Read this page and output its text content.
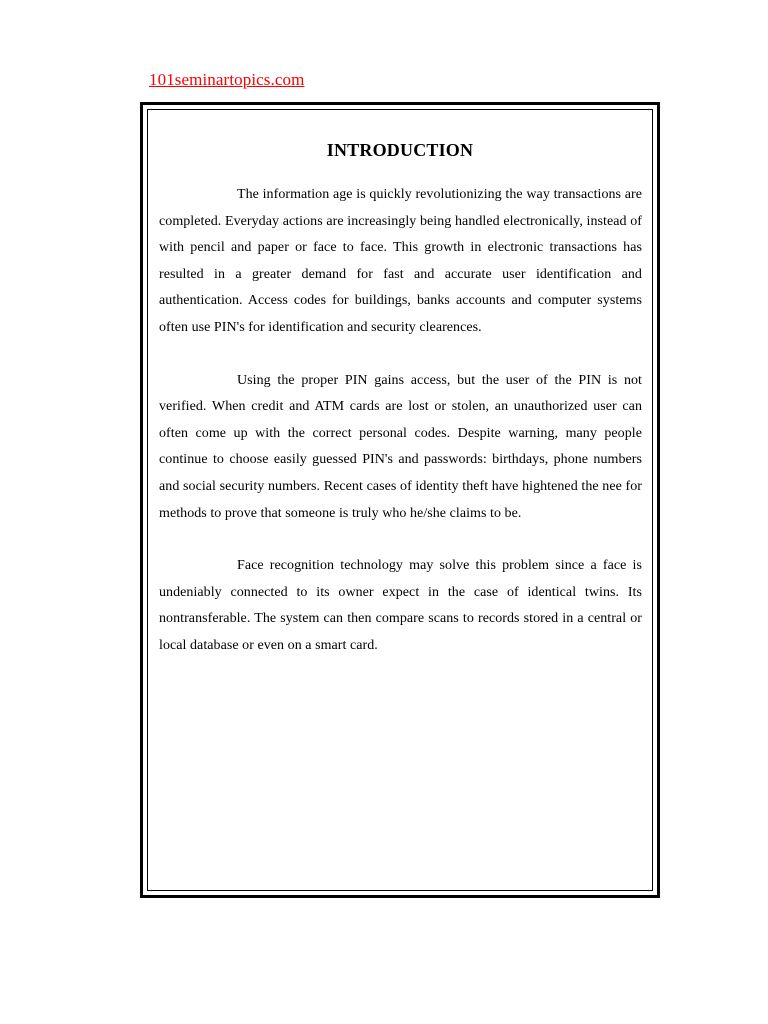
101seminartopics.com
INTRODUCTION

The information age is quickly revolutionizing the way transactions are completed. Everyday actions are increasingly being handled electronically, instead of with pencil and paper or face to face. This growth in electronic transactions has resulted in a greater demand for fast and accurate user identification and authentication. Access codes for buildings, banks accounts and computer systems often use PIN's for identification and security clearences.

Using the proper PIN gains access, but the user of the PIN is not verified. When credit and ATM cards are lost or stolen, an unauthorized user can often come up with the correct personal codes. Despite warning, many people continue to choose easily guessed PIN's and passwords: birthdays, phone numbers and social security numbers. Recent cases of identity theft have hightened the nee for methods to prove that someone is truly who he/she claims to be.

Face recognition technology may solve this problem since a face is undeniably connected to its owner expect in the case of identical twins. Its nontransferable. The system can then compare scans to records stored in a central or local database or even on a smart card.
